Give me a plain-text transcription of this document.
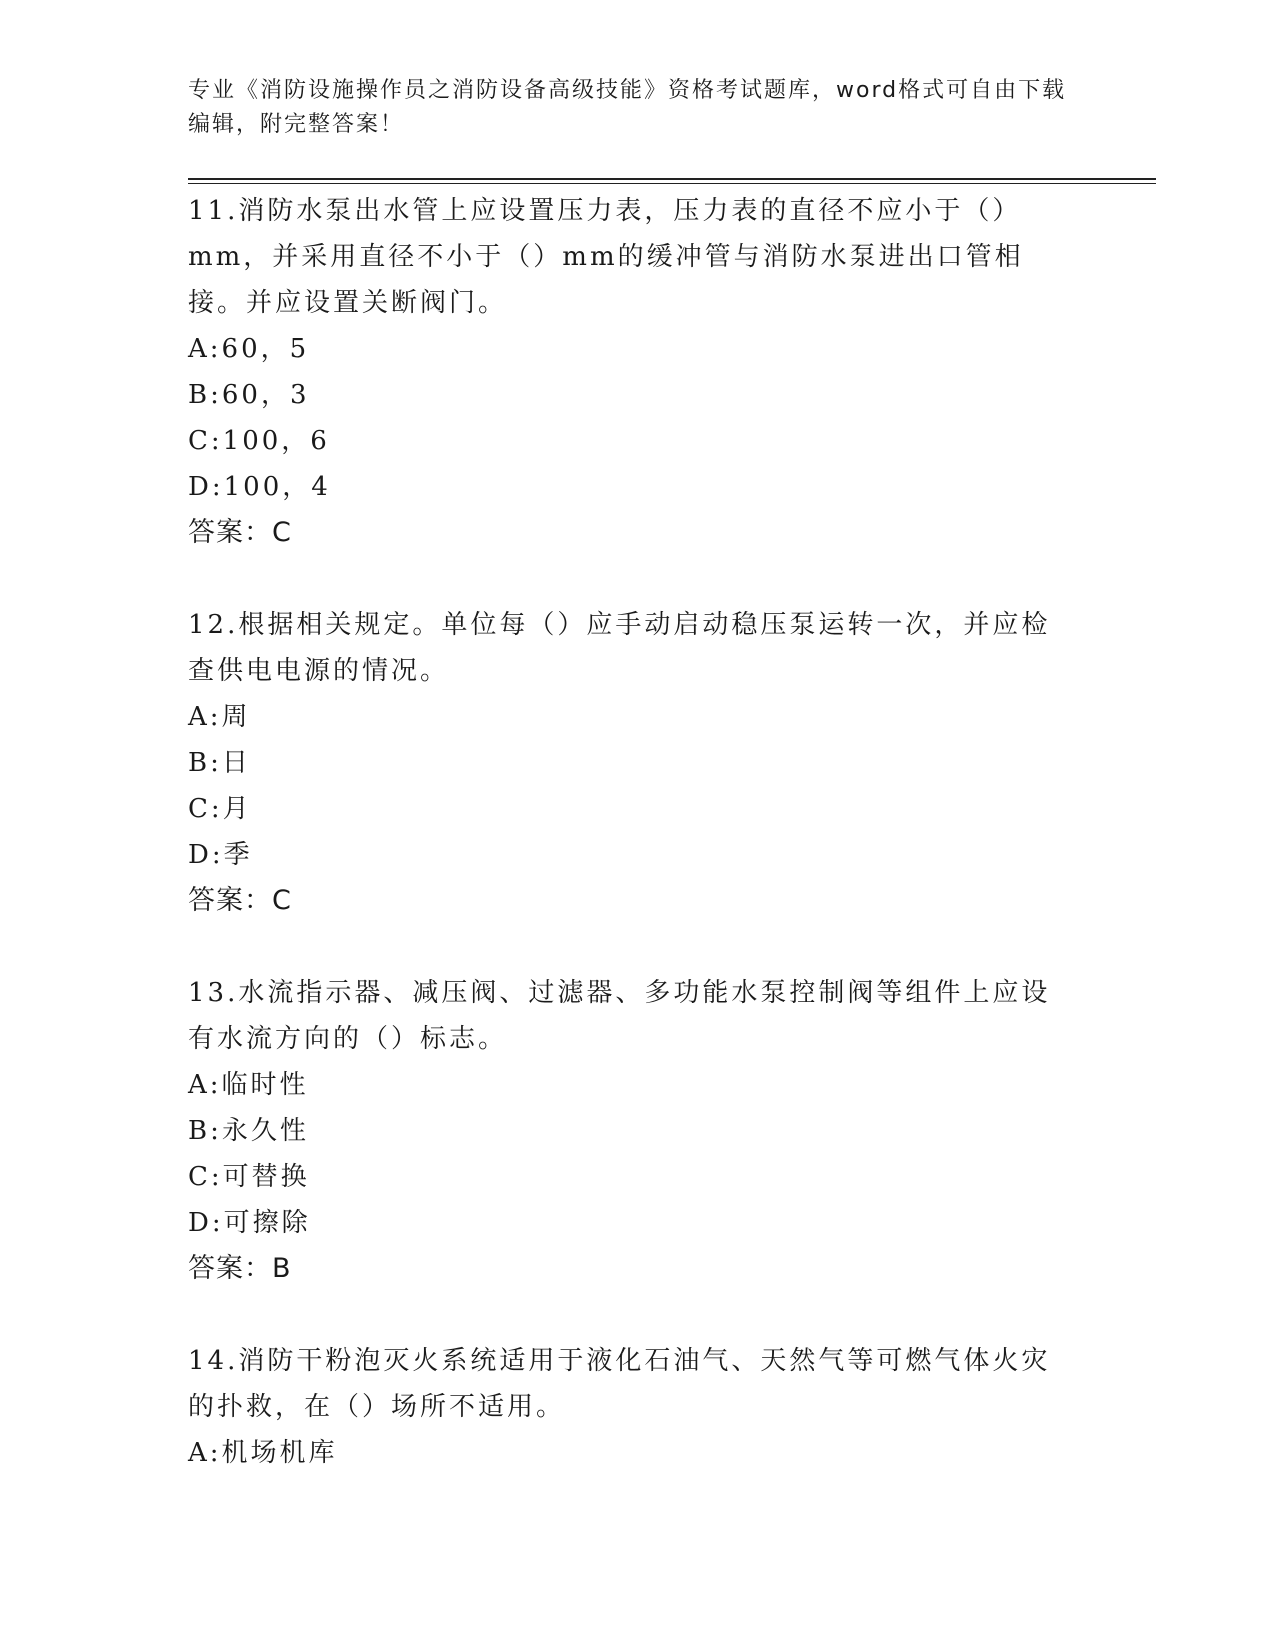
专业《消防设施操作员之消防设备高级技能》资格考试题库，word格式可自由下载编辑，附完整答案！
11.消防水泵出水管上应设置压力表，压力表的直径不应小于（）mm，并采用直径不小于（）mm的缓冲管与消防水泵进出口管相接。并应设置关断阀门。
A:60，5
B:60，3
C:100，6
D:100，4
答案：C
12.根据相关规定。单位每（）应手动启动稳压泵运转一次，并应检查供电电源的情况。
A:周
B:日
C:月
D:季
答案：C
13.水流指示器、减压阀、过滤器、多功能水泵控制阀等组件上应设有水流方向的（）标志。
A:临时性
B:永久性
C:可替换
D:可擦除
答案：B
14.消防干粉泡灭火系统适用于液化石油气、天然气等可燃气体火灾的扑救，在（）场所不适用。
A:机场机库
